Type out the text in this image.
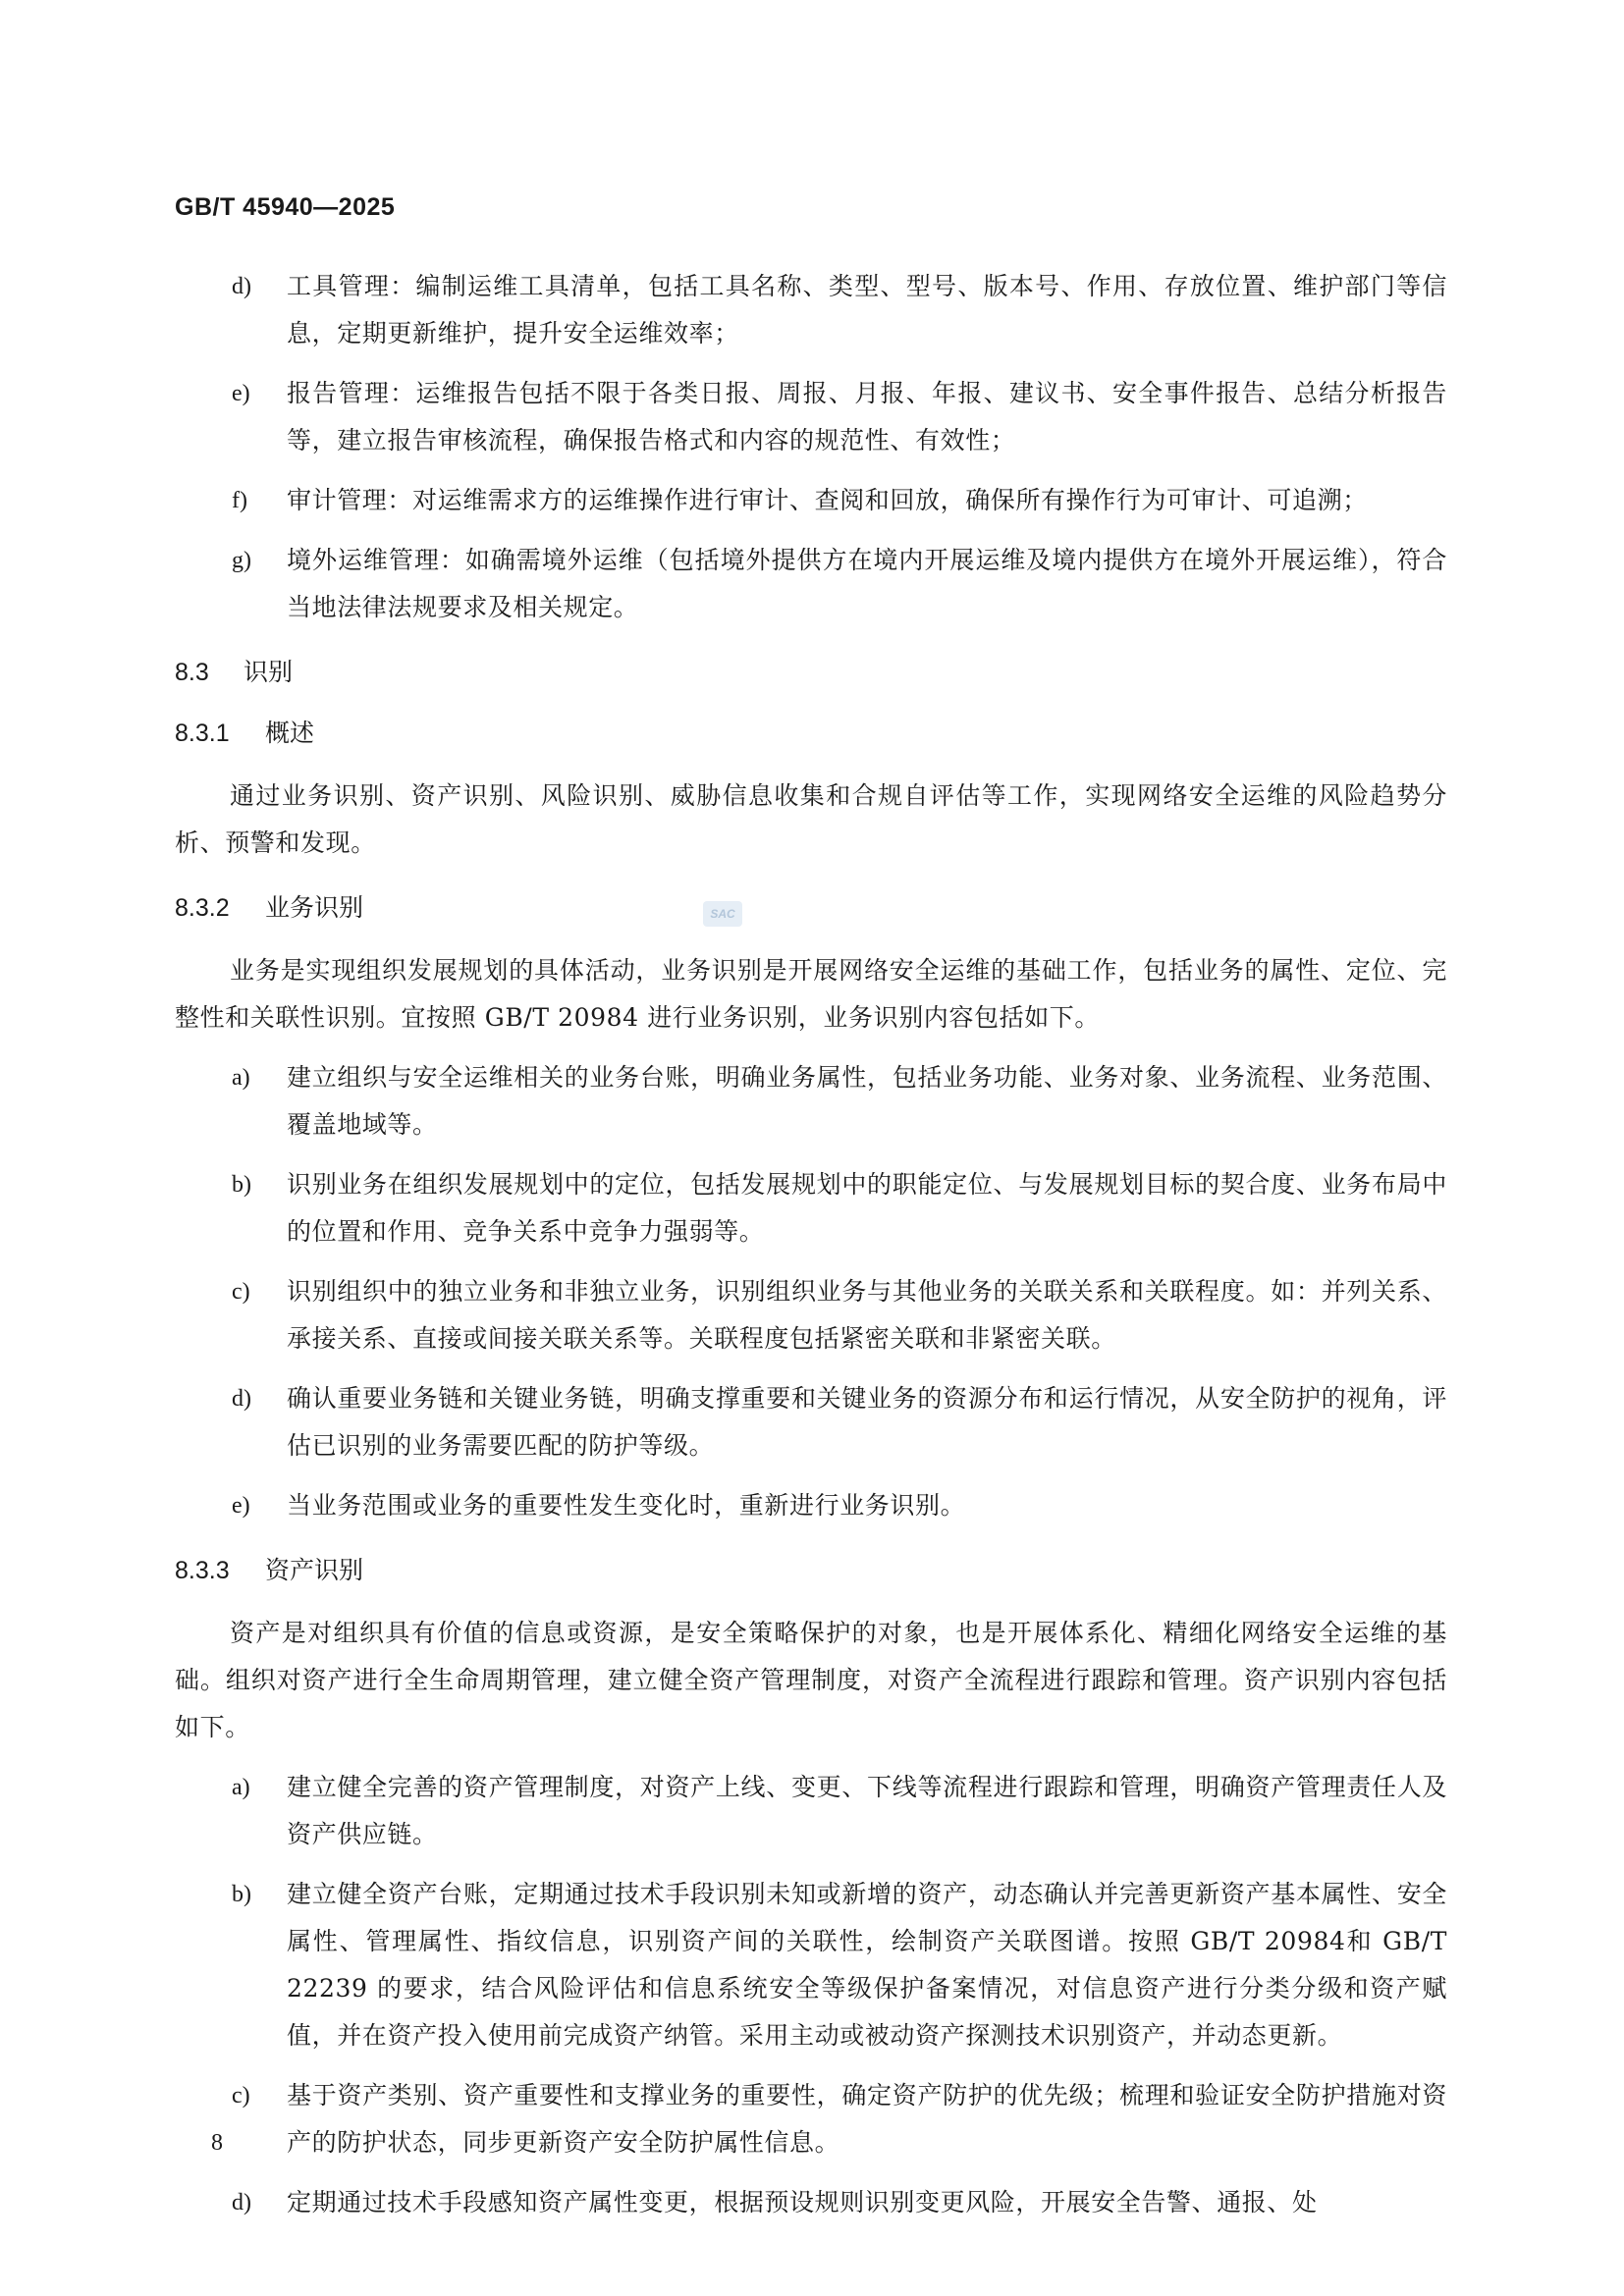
GB/T 45940—2025
SAC
d)	工具管理：编制运维工具清单，包括工具名称、类型、型号、版本号、作用、存放位置、维护部门等信息，定期更新维护，提升安全运维效率；
e)	报告管理：运维报告包括不限于各类日报、周报、月报、年报、建议书、安全事件报告、总结分析报告等，建立报告审核流程，确保报告格式和内容的规范性、有效性；
f)	审计管理：对运维需求方的运维操作进行审计、查阅和回放，确保所有操作行为可审计、可追溯；
g)	境外运维管理：如确需境外运维（包括境外提供方在境内开展运维及境内提供方在境外开展运维），符合当地法律法规要求及相关规定。
8.3	识别
8.3.1	概述
通过业务识别、资产识别、风险识别、威胁信息收集和合规自评估等工作，实现网络安全运维的风险趋势分析、预警和发现。
8.3.2	业务识别
业务是实现组织发展规划的具体活动，业务识别是开展网络安全运维的基础工作，包括业务的属性、定位、完整性和关联性识别。宜按照 GB/T 20984 进行业务识别，业务识别内容包括如下。
a)	建立组织与安全运维相关的业务台账，明确业务属性，包括业务功能、业务对象、业务流程、业务范围、覆盖地域等。
b)	识别业务在组织发展规划中的定位，包括发展规划中的职能定位、与发展规划目标的契合度、业务布局中的位置和作用、竞争关系中竞争力强弱等。
c)	识别组织中的独立业务和非独立业务，识别组织业务与其他业务的关联关系和关联程度。如：并列关系、承接关系、直接或间接关联关系等。关联程度包括紧密关联和非紧密关联。
d)	确认重要业务链和关键业务链，明确支撑重要和关键业务的资源分布和运行情况，从安全防护的视角，评估已识别的业务需要匹配的防护等级。
e)	当业务范围或业务的重要性发生变化时，重新进行业务识别。
8.3.3	资产识别
资产是对组织具有价值的信息或资源，是安全策略保护的对象，也是开展体系化、精细化网络安全运维的基础。组织对资产进行全生命周期管理，建立健全资产管理制度，对资产全流程进行跟踪和管理。资产识别内容包括如下。
a)	建立健全完善的资产管理制度，对资产上线、变更、下线等流程进行跟踪和管理，明确资产管理责任人及资产供应链。
b)	建立健全资产台账，定期通过技术手段识别未知或新增的资产，动态确认并完善更新资产基本属性、安全属性、管理属性、指纹信息，识别资产间的关联性，绘制资产关联图谱。按照 GB/T 20984和 GB/T 22239 的要求，结合风险评估和信息系统安全等级保护备案情况，对信息资产进行分类分级和资产赋值，并在资产投入使用前完成资产纳管。采用主动或被动资产探测技术识别资产，并动态更新。
c)	基于资产类别、资产重要性和支撑业务的重要性，确定资产防护的优先级；梳理和验证安全防护措施对资产的防护状态，同步更新资产安全防护属性信息。
d)	定期通过技术手段感知资产属性变更，根据预设规则识别变更风险，开展安全告警、通报、处
8
